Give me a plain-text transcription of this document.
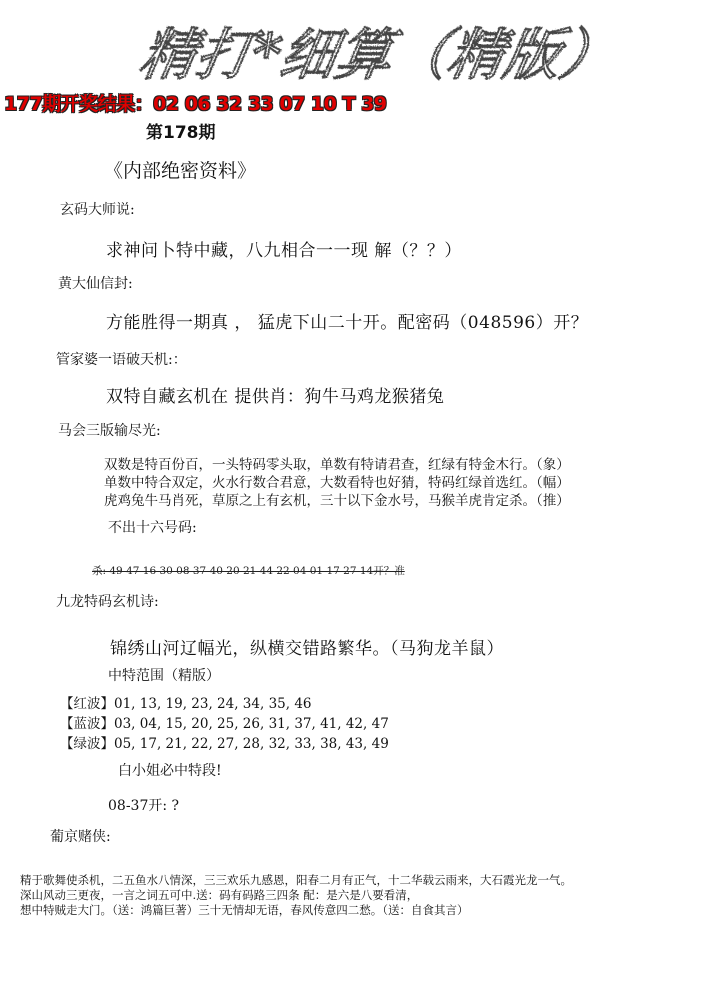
精打*细算（精版）
177期开奖结果：02 06 32 33 07 10 T 39
第178期
《内部绝密资料》
玄码大师说:
求神问卜特中藏，八九相合一一现 解（？？）
黄大仙信封:
方能胜得一期真 ， 猛虎下山二十开。配密码（048596）开？
管家婆一语破天机:：
双特自藏玄机在 提供肖：狗牛马鸡龙猴猪兔
马会三版输尽光:
双数是特百份百，一头特码零头取，单数有特请君查，红绿有特金木行。（象）
单数中特合双定，火水行数合君意，大数看特也好猜，特码红绿首选红。（幅）
虎鸡兔牛马肖死，草原之上有玄机，三十以下金水号，马猴羊虎肯定杀。（推）
不出十六号码:
杀: 49 47 16 30 08 37 40 20 21 44 22 04 01 17 27 14开？准
九龙特码玄机诗:
锦绣山河辽幅光，纵横交错路繁华。（马狗龙羊鼠）
中特范围（精版）
【红波】01, 13, 19, 23, 24, 34, 35, 46
【蓝波】03, 04, 15, 20, 25, 26, 31, 37, 41, 42, 47
【绿波】05, 17, 21, 22, 27, 28, 32, 33, 38, 43, 49
白小姐必中特段!
08-37开: ?
葡京赌侠:
精于歌舞使杀机，二五鱼水八情深，三三欢乐九感恩，阳春二月有正气，十二华载云雨来，大石霞光龙一气。
深山风动三更夜，一言之词五可中.送：码有码路三四条 配：是六是八要看清，
想中特贼走大门。（送：鸿篇巨著）三十无情却无语，春风传意四二愁。（送：自食其言）
